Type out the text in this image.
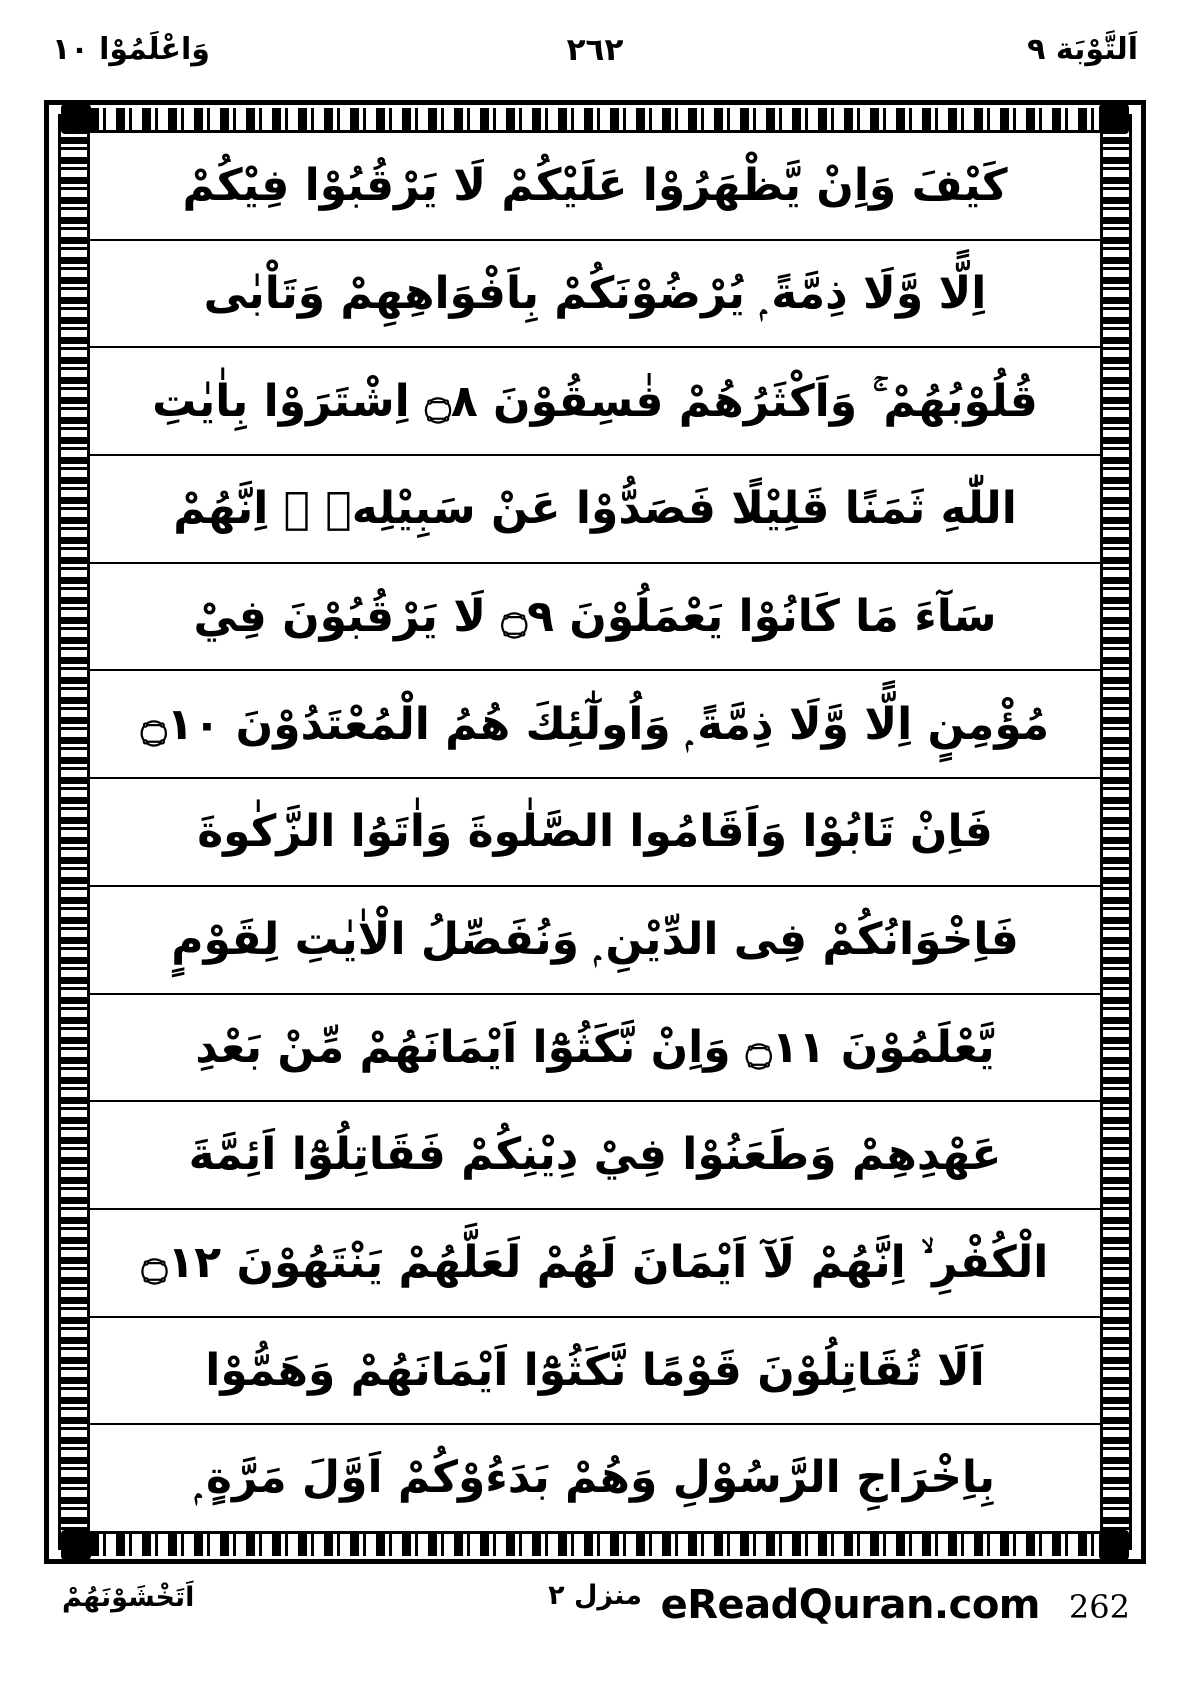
اَلتَّوْبَة ٩
٢٦٢
وَاعْلَمُوْا ١٠
كَيْفَ وَاِنْ يَّظْهَرُوْا عَلَيْكُمْ لَا يَرْقُبُوْا فِيْكُمْ
اِلًّا وَّلَا ذِمَّةً ۭ يُرْضُوْنَكُمْ بِاَفْوَاهِهِمْ وَتَاْبٰى
قُلُوْبُهُمْ ۚ وَاَكْثَرُهُمْ فٰسِقُوْنَ ۝٨ اِشْتَرَوْا بِاٰيٰتِ
اللّٰهِ ثَمَنًا قَلِيْلًا فَصَدُّوْا عَنْ سَبِيْلِهٖ ۭ اِنَّهُمْ
سَآءَ مَا كَانُوْا يَعْمَلُوْنَ ۝٩ لَا يَرْقُبُوْنَ فِيْ
مُؤْمِنٍ اِلًّا وَّلَا ذِمَّةً ۭ وَاُولٰٓئِكَ هُمُ الْمُعْتَدُوْنَ ۝١٠
فَاِنْ تَابُوْا وَاَقَامُوا الصَّلٰوةَ وَاٰتَوُا الزَّكٰوةَ
فَاِخْوَانُكُمْ فِى الدِّيْنِ ۭ وَنُفَصِّلُ الْاٰيٰتِ لِقَوْمٍ
يَّعْلَمُوْنَ ۝١١ وَاِنْ نَّكَثُوْٓا اَيْمَانَهُمْ مِّنْ بَعْدِ
عَهْدِهِمْ وَطَعَنُوْا فِيْ دِيْنِكُمْ فَقَاتِلُوْٓا اَئِمَّةَ
الْكُفْرِ ۙ اِنَّهُمْ لَآ اَيْمَانَ لَهُمْ لَعَلَّهُمْ يَنْتَهُوْنَ ۝١٢
اَلَا تُقَاتِلُوْنَ قَوْمًا نَّكَثُوْٓا اَيْمَانَهُمْ وَهَمُّوْا
بِاِخْرَاجِ الرَّسُوْلِ وَهُمْ بَدَءُوْكُمْ اَوَّلَ مَرَّةٍ ۭ
اَتَخْشَوْنَهُمْ	منزل ٢ eReadQuran.com 262
